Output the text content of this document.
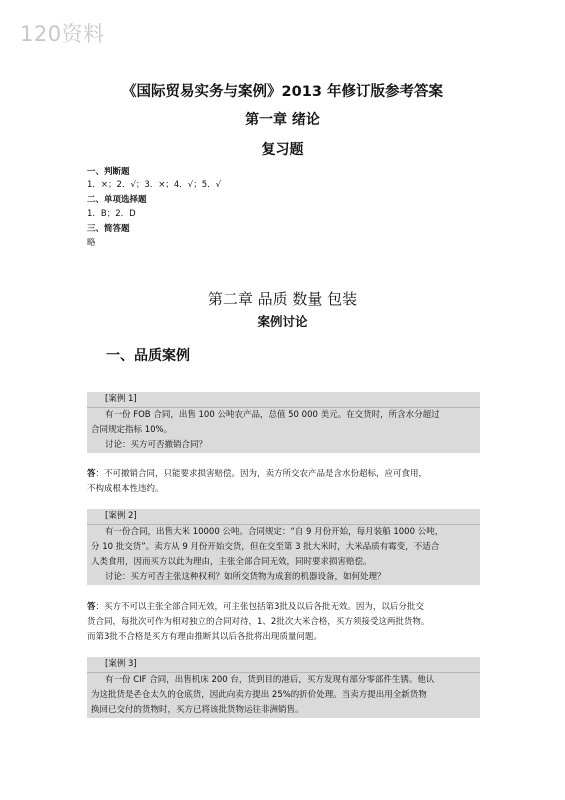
120资料
《国际贸易实务与案例》2013 年修订版参考答案
第一章 绪论
复习题
一、判断题
1．×；2．√；3．×；4．√；5．√
二、单项选择题
1．B；2．D
三、简答题
略
第二章 品质 数量 包装
案例讨论
一、品质案例
[案例 1]
有一份 FOB 合同，出售 100 公吨农产品，总值 50 000 美元。在交货时，所含水分超过
合同规定指标 10%。
讨论：买方可否撤销合同？
答：不可撤销合同，只能要求损害赔偿。因为，卖方所交农产品是含水份超标，应可食用，
不构成根本性违约。
[案例 2]
有一份合同，出售大米 10000 公吨。合同规定：“自 9 月份开始，每月装船 1000 公吨，
分 10 批交货”。卖方从 9 月份开始交货，但在交至第 3 批大米时，大米品质有霉变，不适合
人类食用，因而买方以此为理由，主张全部合同无效，同时要求损害赔偿。
讨论：买方可否主张这种权利？如所交货物为成套的机器设备，如何处理？
答：买方不可以主张全部合同无效，可主张包括第3批及以后各批无效。因为，以后分批交
货合同，每批次可作为相对独立的合同对待，1、2批次大米合格，买方须接受这两批货物。
而第3批不合格是买方有理由推断其以后各批将出现质量问题。
[案例 3]
有一份 CIF 合同，出售机床 200 台，货到目的港后，买方发现有部分零部件生锈。他认
为这批货是존仓太久的仓底货，因此向卖方提出 25%的折价处理。当卖方提出用全新货物
换回已交付的货物时，买方已将该批货物运往非洲销售。
